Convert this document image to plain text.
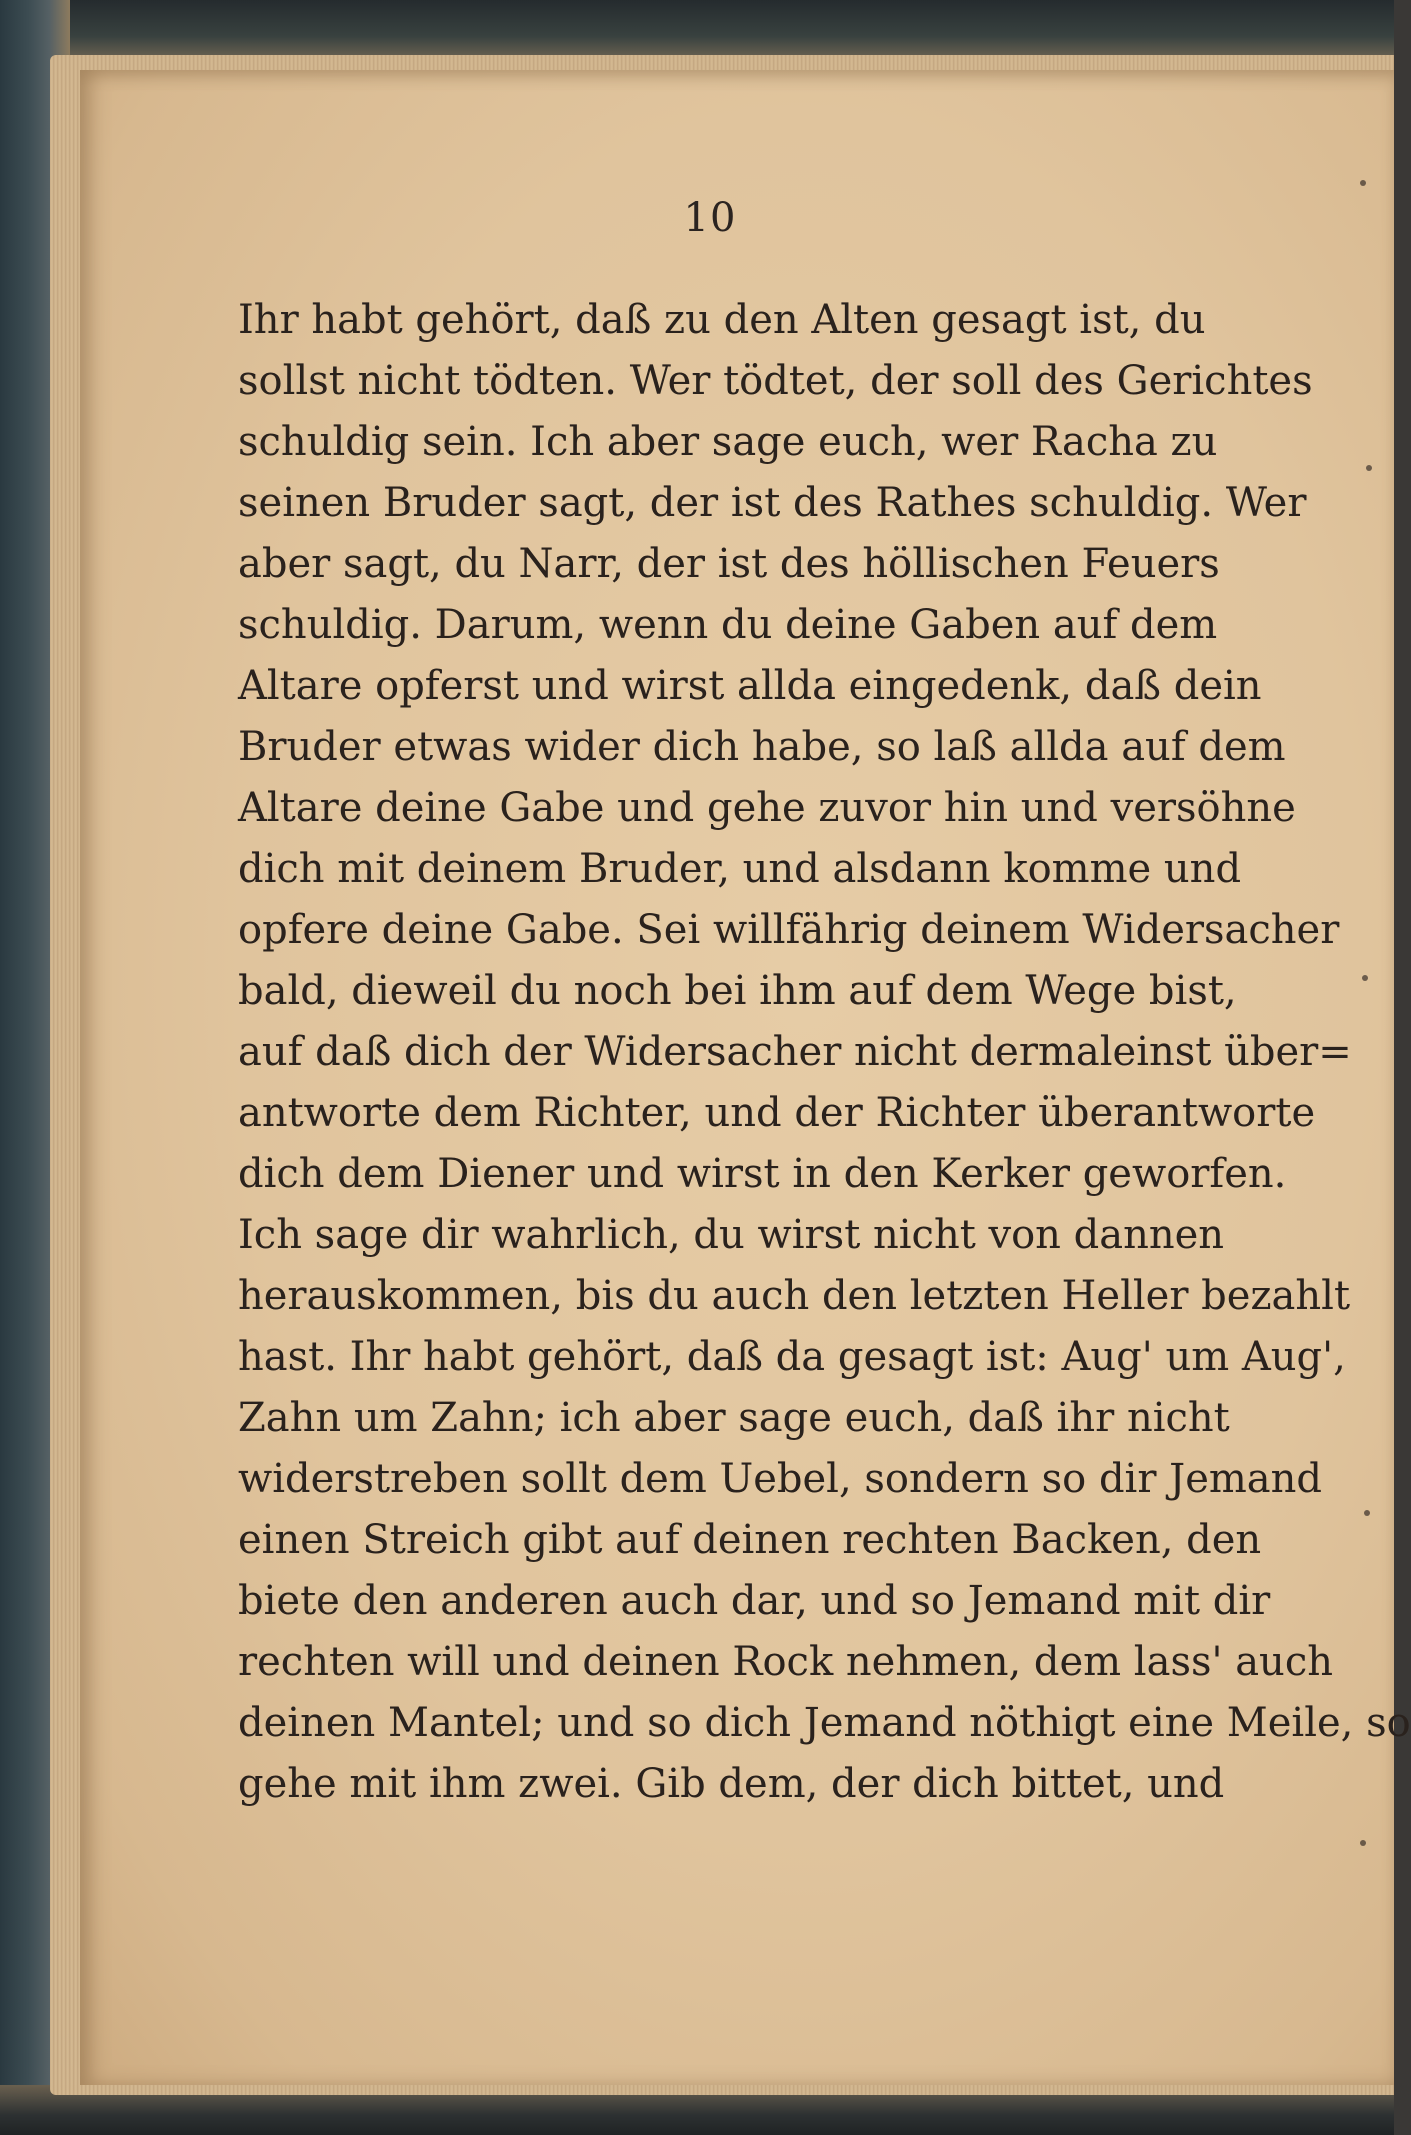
10
Ihr habt gehört, daß zu den Alten gesagt ist, du
sollst nicht tödten. Wer tödtet, der soll des Gerichtes
schuldig sein. Ich aber sage euch, wer Racha zu
seinen Bruder sagt, der ist des Rathes schuldig. Wer
aber sagt, du Narr, der ist des höllischen Feuers
schuldig. Darum, wenn du deine Gaben auf dem
Altare opferst und wirst allda eingedenk, daß dein
Bruder etwas wider dich habe, so laß allda auf dem
Altare deine Gabe und gehe zuvor hin und versöhne
dich mit deinem Bruder, und alsdann komme und
opfere deine Gabe. Sei willfährig deinem Widersacher
bald, dieweil du noch bei ihm auf dem Wege bist,
auf daß dich der Widersacher nicht dermaleinst über=
antworte dem Richter, und der Richter überantworte
dich dem Diener und wirst in den Kerker geworfen.
Ich sage dir wahrlich, du wirst nicht von dannen
herauskommen, bis du auch den letzten Heller bezahlt
hast. Ihr habt gehört, daß da gesagt ist: Aug' um Aug',
Zahn um Zahn; ich aber sage euch, daß ihr nicht
widerstreben sollt dem Uebel, sondern so dir Jemand
einen Streich gibt auf deinen rechten Backen, den
biete den anderen auch dar, und so Jemand mit dir
rechten will und deinen Rock nehmen, dem lass' auch
deinen Mantel; und so dich Jemand nöthigt eine Meile, so
gehe mit ihm zwei. Gib dem, der dich bittet, und
